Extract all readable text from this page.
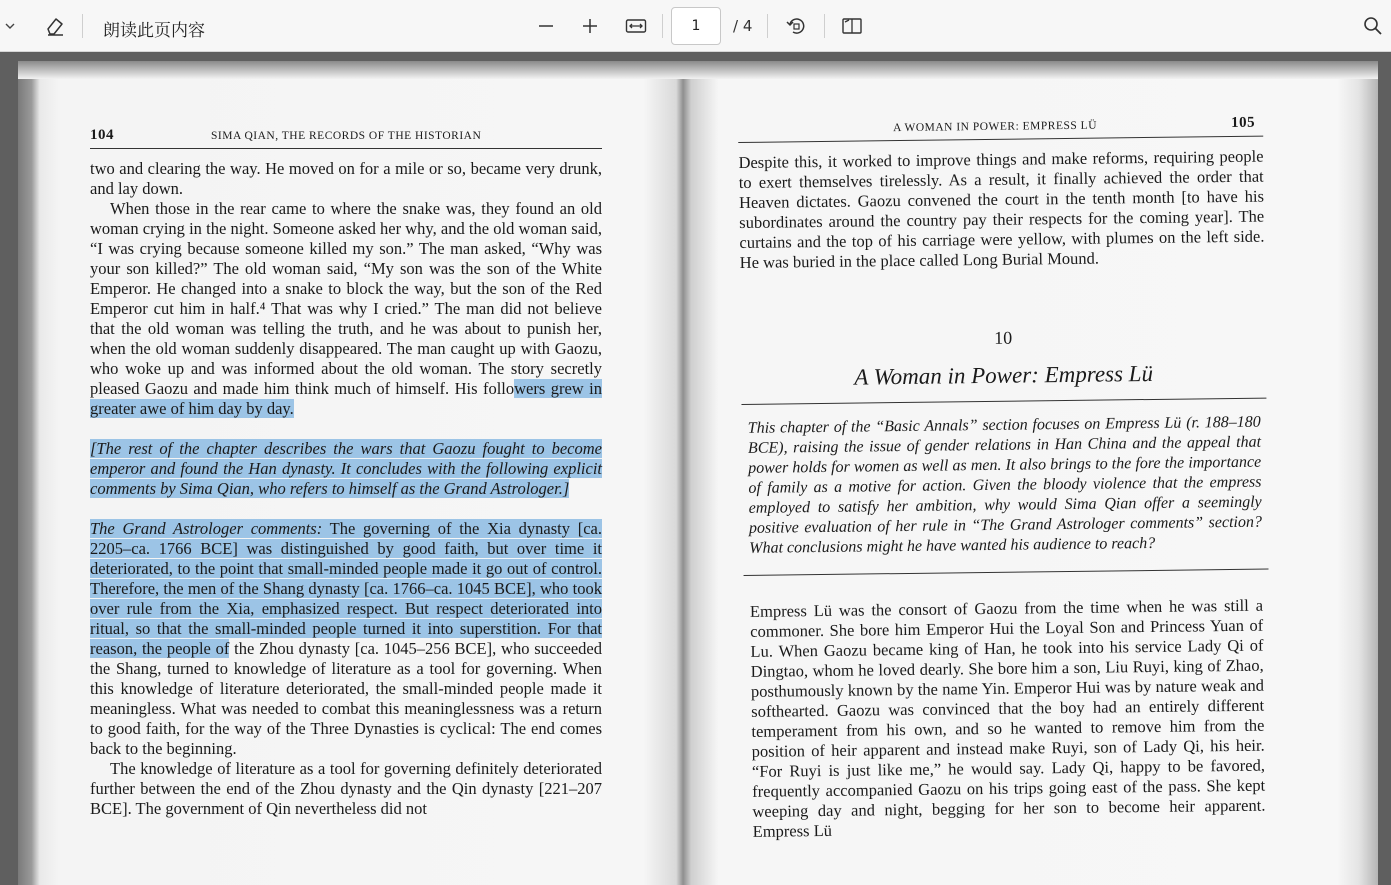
朗读此页内容
1	/ 4
104	SIMA QIAN, THE RECORDS OF THE HISTORIAN

two and clearing the way. He moved on for a mile or so, became very drunk, and lay down.

When those in the rear came to where the snake was, they found an old woman crying in the night. Someone asked her why, and the old woman said, “I was crying because someone killed my son.” The man asked, “Why was your son killed?” The old woman said, “My son was the son of the White Emperor. He changed into a snake to block the way, but the son of the Red Emperor cut him in half.⁴ That was why I cried.” The man did not believe that the old woman was telling the truth, and he was about to punish her, when the old woman suddenly disappeared. The man caught up with Gaozu, who woke up and was informed about the old woman. The story secretly pleased Gaozu and made him think much of himself. His followers grew in greater awe of him day by day.

[The rest of the chapter describes the wars that Gaozu fought to become emperor and found the Han dynasty. It concludes with the following explicit comments by Sima Qian, who refers to himself as the Grand Astrologer.]

The Grand Astrologer comments: The governing of the Xia dynasty [ca. 2205–ca. 1766 BCE] was distinguished by good faith, but over time it deteriorated, to the point that small-minded people made it go out of control. Therefore, the men of the Shang dynasty [ca. 1766–ca. 1045 BCE], who took over rule from the Xia, emphasized respect. But respect deteriorated into ritual, so that the small-minded people turned it into superstition. For that reason, the people of the Zhou dynasty [ca. 1045–256 BCE], who succeeded the Shang, turned to knowledge of literature as a tool for governing. When this knowledge of literature deteriorated, the small-minded people made it meaningless. What was needed to combat this meaninglessness was a return to good faith, for the way of the Three Dynasties is cyclical: The end comes back to the beginning.

The knowledge of literature as a tool for governing definitely deteriorated further between the end of the Zhou dynasty and the Qin dynasty [221–207 BCE]. The government of Qin nevertheless did not

A WOMAN IN POWER: EMPRESS LÜ	105

Despite this, it worked to improve things and make reforms, requiring people to exert themselves tirelessly. As a result, it finally achieved the order that Heaven dictates. Gaozu convened the court in the tenth month [to have his subordinates around the country pay their respects for the coming year]. The curtains and the top of his carriage were yellow, with plumes on the left side. He was buried in the place called Long Burial Mound.

10
A Woman in Power: Empress Lü
This chapter of the “Basic Annals” section focuses on Empress Lü (r. 188–180 BCE), raising the issue of gender relations in Han China and the appeal that power holds for women as well as men. It also brings to the fore the importance of family as a motive for action. Given the bloody violence that the empress employed to satisfy her ambition, why would Sima Qian offer a seemingly positive evaluation of her rule in “The Grand Astrologer comments” section? What conclusions might he have wanted his audience to reach?

Empress Lü was the consort of Gaozu from the time when he was still a commoner. She bore him Emperor Hui the Loyal Son and Princess Yuan of Lu. When Gaozu became king of Han, he took into his service Lady Qi of Dingtao, whom he loved dearly. She bore him a son, Liu Ruyi, king of Zhao, posthumously known by the name Yin. Emperor Hui was by nature weak and softhearted. Gaozu was convinced that the boy had an entirely different temperament from his own, and so he wanted to remove him from the position of heir apparent and instead make Ruyi, son of Lady Qi, his heir. “For Ruyi is just like me,” he would say. Lady Qi, happy to be favored, frequently accompanied Gaozu on his trips going east of the pass. She kept weeping day and night, begging for her son to become heir apparent. Empress Lü
